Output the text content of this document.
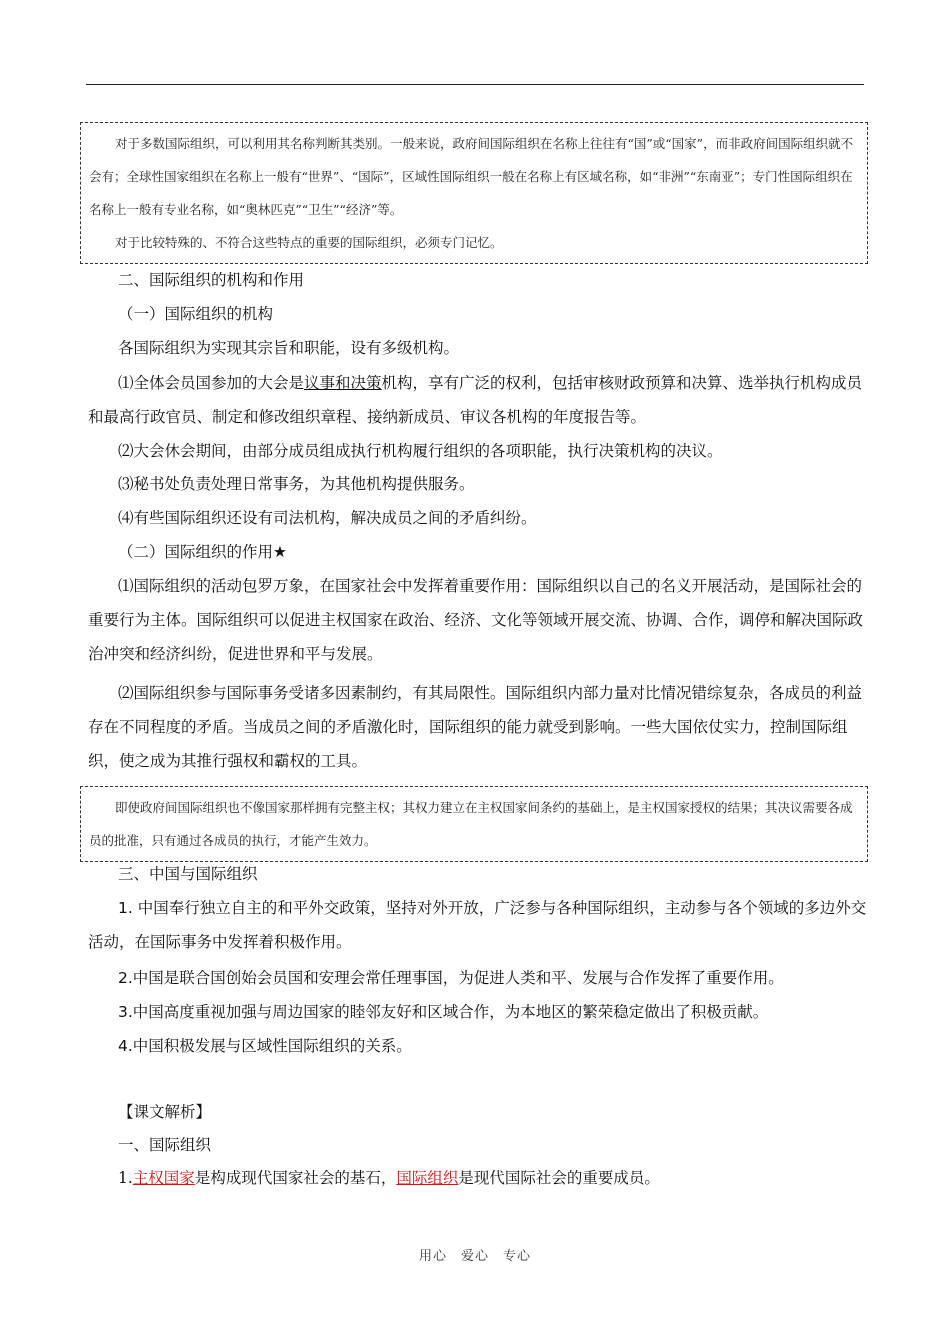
对于多数国际组织，可以利用其名称判断其类别。一般来说，政府间国际组织在名称上往往有“国”或“国家”，而非政府间国际组织就不会有；全球性国家组织在名称上一般有“世界”、“国际”，区域性国际组织一般在名称上有区域名称，如“非洲”“东南亚”；专门性国际组织在名称上一般有专业名称，如“奥林匹克”“卫生”“经济”等。

对于比较特殊的、不符合这些特点的重要的国际组织，必须专门记忆。

二、国际组织的机构和作用

（一）国际组织的机构

各国际组织为实现其宗旨和职能，设有多级机构。

⑴全体会员国参加的大会是议事和决策机构，享有广泛的权利，包括审核财政预算和决算、选举执行机构成员和最高行政官员、制定和修改组织章程、接纳新成员、审议各机构的年度报告等。

⑵大会休会期间，由部分成员组成执行机构履行组织的各项职能，执行决策机构的决议。

⑶秘书处负责处理日常事务，为其他机构提供服务。

⑷有些国际组织还设有司法机构，解决成员之间的矛盾纠纷。

（二）国际组织的作用★

⑴国际组织的活动包罗万象，在国家社会中发挥着重要作用：国际组织以自己的名义开展活动，是国际社会的重要行为主体。国际组织可以促进主权国家在政治、经济、文化等领域开展交流、协调、合作，调停和解决国际政治冲突和经济纠纷，促进世界和平与发展。

⑵国际组织参与国际事务受诸多因素制约，有其局限性。国际组织内部力量对比情况错综复杂，各成员的利益存在不同程度的矛盾。当成员之间的矛盾激化时，国际组织的能力就受到影响。一些大国依仗实力，控制国际组织，使之成为其推行强权和霸权的工具。

即使政府间国际组织也不像国家那样拥有完整主权；其权力建立在主权国家间条约的基础上，是主权国家授权的结果；其决议需要各成员的批准，只有通过各成员的执行，才能产生效力。

三、中国与国际组织

1. 中国奉行独立自主的和平外交政策，坚持对外开放，广泛参与各种国际组织，主动参与各个领域的多边外交活动，在国际事务中发挥着积极作用。

2.中国是联合国创始会员国和安理会常任理事国，为促进人类和平、发展与合作发挥了重要作用。

3.中国高度重视加强与周边国家的睦邻友好和区域合作，为本地区的繁荣稳定做出了积极贡献。

4.中国积极发展与区域性国际组织的关系。

【课文解析】

一、国际组织

1.主权国家是构成现代国家社会的基石，国际组织是现代国际社会的重要成员。

用心　爱心　专心
